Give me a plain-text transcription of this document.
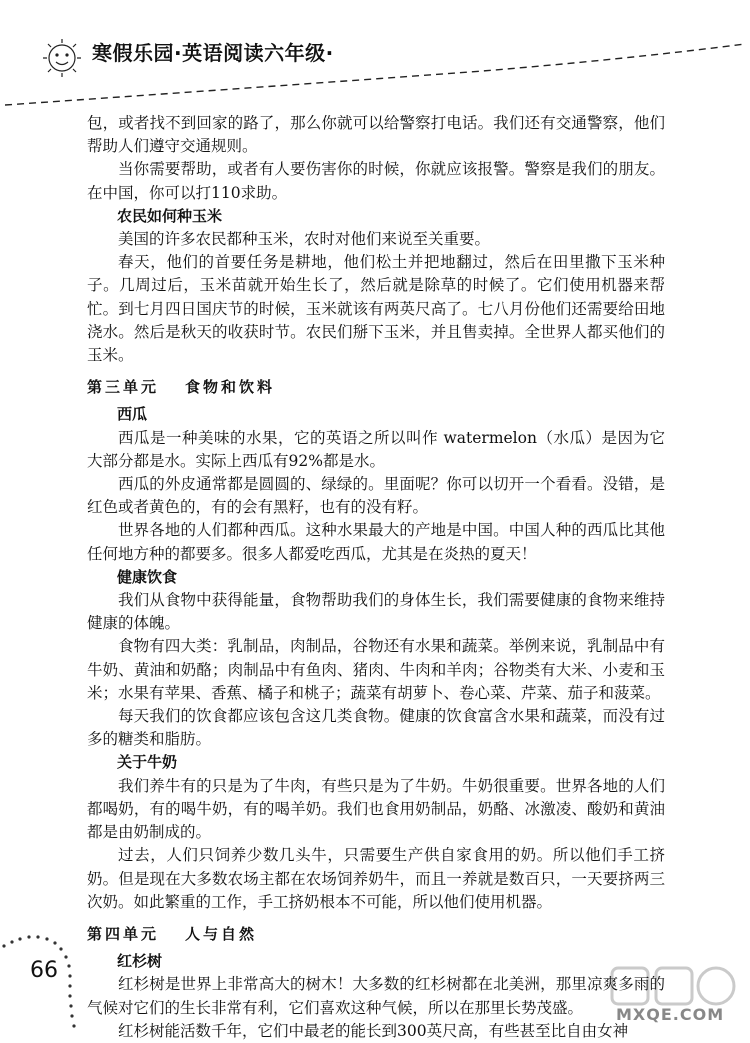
寒假乐园·英语阅读六年级·

包，或者找不到回家的路了，那么你就可以给警察打电话。我们还有交通警察，他们帮助人们遵守交通规则。

当你需要帮助，或者有人要伤害你的时候，你就应该报警。警察是我们的朋友。在中国，你可以打110求助。

农民如何种玉米

美国的许多农民都种玉米，农时对他们来说至关重要。

春天，他们的首要任务是耕地，他们松土并把地翻过，然后在田里撒下玉米种子。几周过后，玉米苗就开始生长了，然后就是除草的时候了。它们使用机器来帮忙。到七月四日国庆节的时候，玉米就该有两英尺高了。七八月份他们还需要给田地浇水。然后是秋天的收获时节。农民们掰下玉米，并且售卖掉。全世界人都买他们的玉米。

第三单元 食物和饮料

西瓜

西瓜是一种美味的水果，它的英语之所以叫作 watermelon（水瓜）是因为它大部分都是水。实际上西瓜有92%都是水。

西瓜的外皮通常都是圆圆的、绿绿的。里面呢？你可以切开一个看看。没错，是红色或者黄色的，有的会有黑籽，也有的没有籽。

世界各地的人们都种西瓜。这种水果最大的产地是中国。中国人种的西瓜比其他任何地方种的都要多。很多人都爱吃西瓜，尤其是在炎热的夏天！

健康饮食

我们从食物中获得能量，食物帮助我们的身体生长，我们需要健康的食物来维持健康的体魄。

食物有四大类：乳制品，肉制品，谷物还有水果和蔬菜。举例来说，乳制品中有牛奶、黄油和奶酪；肉制品中有鱼肉、猪肉、牛肉和羊肉；谷物类有大米、小麦和玉米；水果有苹果、香蕉、橘子和桃子；蔬菜有胡萝卜、卷心菜、芹菜、茄子和菠菜。

每天我们的饮食都应该包含这几类食物。健康的饮食富含水果和蔬菜，而没有过多的糖类和脂肪。

关于牛奶

我们养牛有的只是为了牛肉，有些只是为了牛奶。牛奶很重要。世界各地的人们都喝奶，有的喝牛奶，有的喝羊奶。我们也食用奶制品，奶酪、冰激凌、酸奶和黄油都是由奶制成的。

过去，人们只饲养少数几头牛，只需要生产供自家食用的奶。所以他们手工挤奶。但是现在大多数农场主都在农场饲养奶牛，而且一养就是数百只，一天要挤两三次奶。如此繁重的工作，手工挤奶根本不可能，所以他们使用机器。

第四单元 人与自然

红杉树

红杉树是世界上非常高大的树木！大多数的红杉树都在北美洲，那里凉爽多雨的气候对它们的生长非常有利，它们喜欢这种气候，所以在那里长势茂盛。

红杉树能活数千年，它们中最老的能长到300英尺高，有些甚至比自由女神

66
MXQE.COM
